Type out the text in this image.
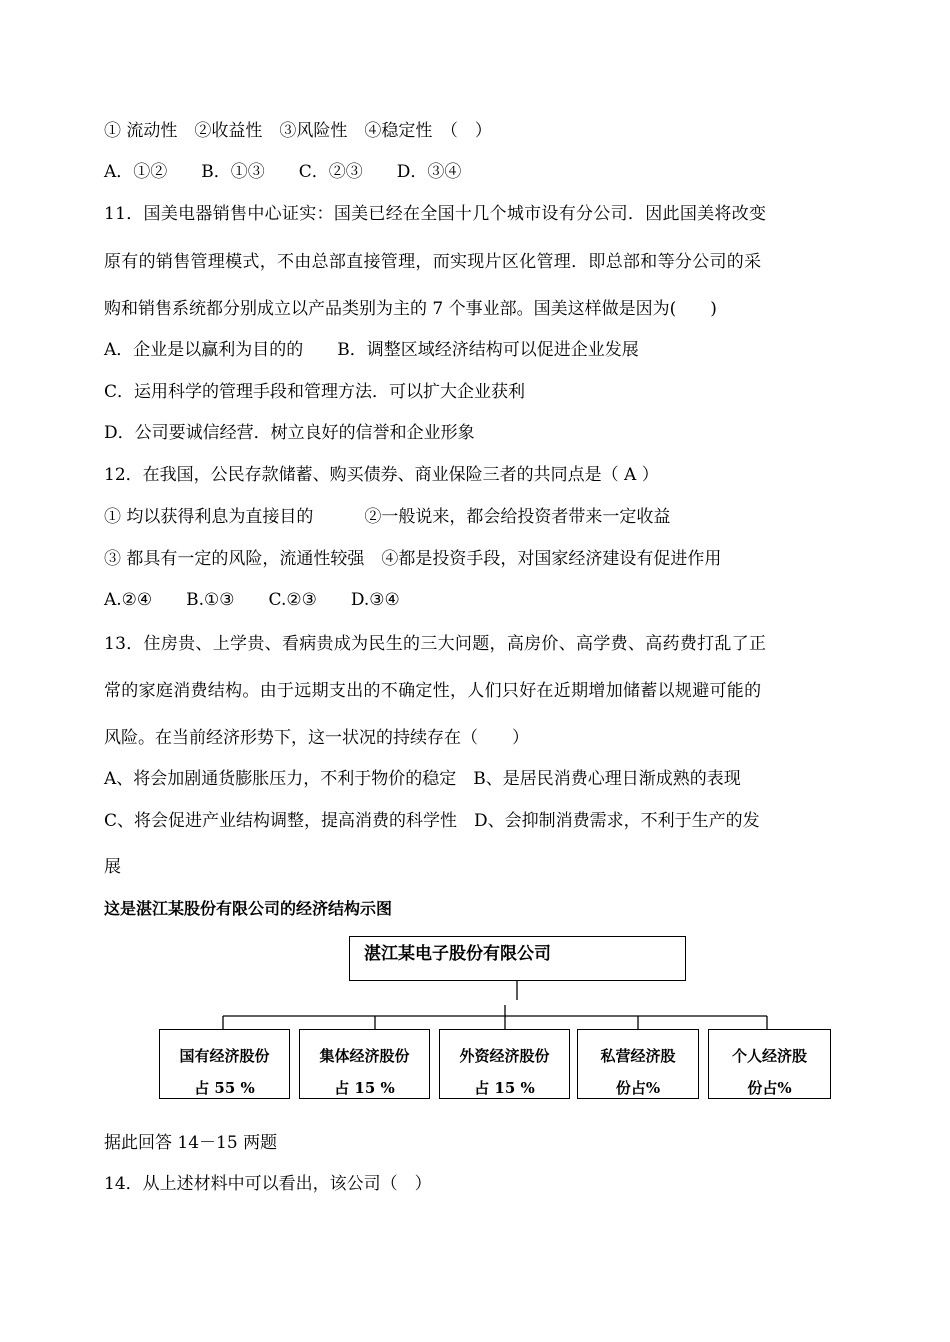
① 流动性　②收益性　③风险性　④稳定性　（　）
A．①②　　B．①③　　C．②③　　D．③④
11．国美电器销售中心证实：国美已经在全国十几个城市设有分公司．因此国美将改变
原有的销售管理模式，不由总部直接管理，而实现片区化管理．即总部和等分公司的采
购和销售系统都分别成立以产品类别为主的 7 个事业部。国美这样做是因为(　　)
A．企业是以赢利为目的的　　B．调整区域经济结构可以促进企业发展
C．运用科学的管理手段和管理方法．可以扩大企业获利
D．公司要诚信经营．树立良好的信誉和企业形象
12．在我国，公民存款储蓄、购买债券、商业保险三者的共同点是（ A ）
① 均以获得利息为直接目的　　　②一般说来，都会给投资者带来一定收益
③ 都具有一定的风险，流通性较强　④都是投资手段，对国家经济建设有促进作用
A.②④　　B.①③　　C.②③　　D.③④
13．住房贵、上学贵、看病贵成为民生的三大问题，高房价、高学费、高药费打乱了正
常的家庭消费结构。由于远期支出的不确定性，人们只好在近期增加储蓄以规避可能的
风险。在当前经济形势下，这一状况的持续存在（　　）
A、将会加剧通货膨胀压力，不利于物价的稳定　B、是居民消费心理日渐成熟的表现
C、将会促进产业结构调整，提高消费的科学性　D、会抑制消费需求，不利于生产的发
展
这是湛江某股份有限公司的经济结构示图
湛江某电子股份有限公司
国有经济股份
占 55 %
集体经济股份
占 15 %
外资经济股份
占 15 %
私营经济股
份占%
个人经济股
份占%
据此回答 14－15 两题
14．从上述材料中可以看出，该公司（　）
